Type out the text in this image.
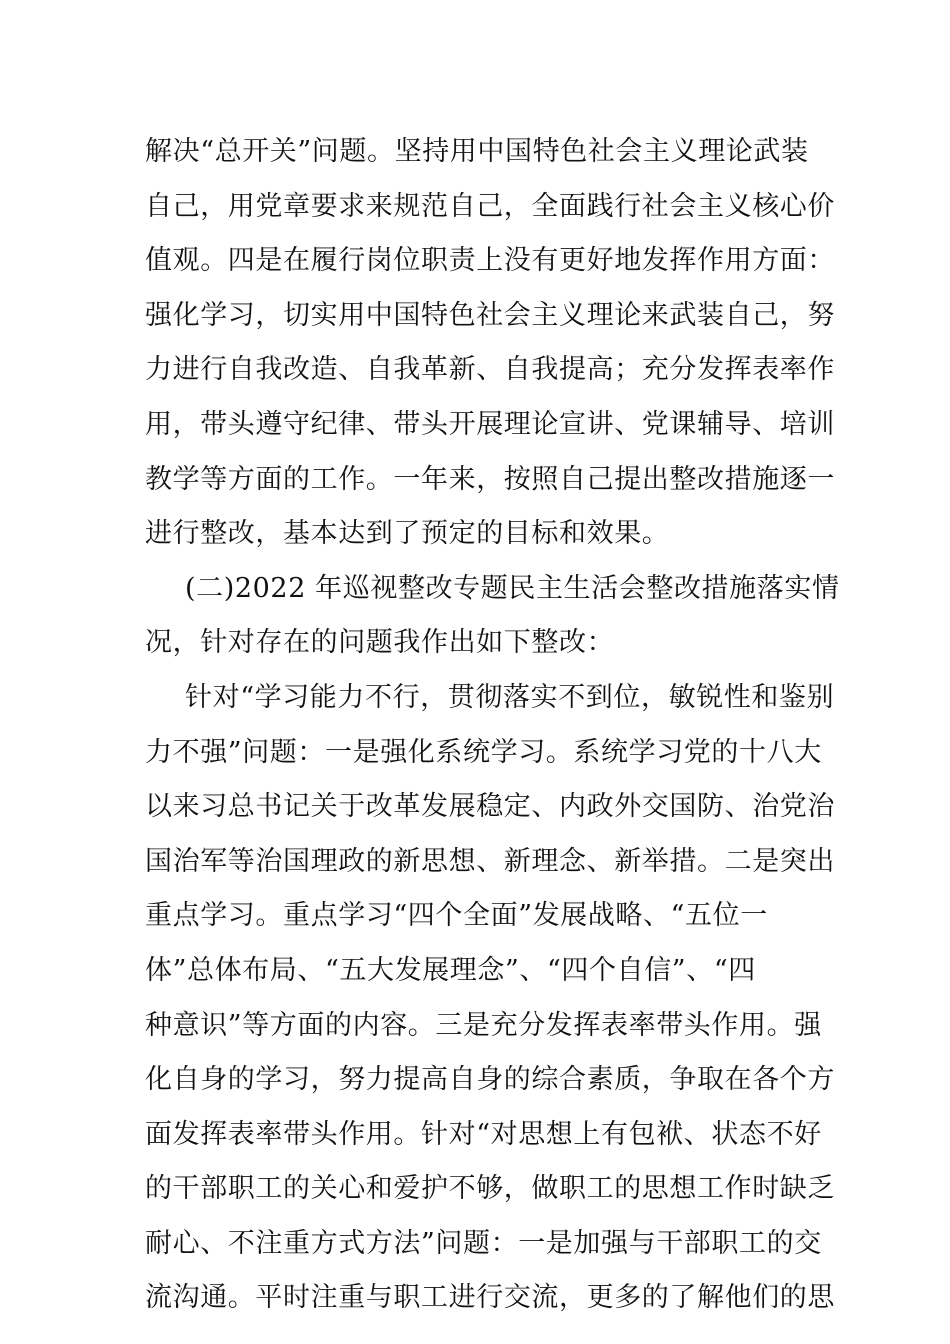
解决“总开关”问题。坚持用中国特色社会主义理论武装
自己，用党章要求来规范自己，全面践行社会主义核心价
值观。四是在履行岗位职责上没有更好地发挥作用方面：
强化学习，切实用中国特色社会主义理论来武装自己，努
力进行自我改造、自我革新、自我提高；充分发挥表率作
用，带头遵守纪律、带头开展理论宣讲、党课辅导、培训
教学等方面的工作。一年来，按照自己提出整改措施逐一
进行整改，基本达到了预定的目标和效果。
(二)2022 年巡视整改专题民主生活会整改措施落实情
况，针对存在的问题我作出如下整改：
针对“学习能力不行，贯彻落实不到位，敏锐性和鉴别
力不强”问题：一是强化系统学习。系统学习党的十八大
以来习总书记关于改革发展稳定、内政外交国防、治党治
国治军等治国理政的新思想、新理念、新举措。二是突出
重点学习。重点学习“四个全面”发展战略、“五位一
体”总体布局、“五大发展理念”、“四个自信”、“四
种意识”等方面的内容。三是充分发挥表率带头作用。强
化自身的学习，努力提高自身的综合素质，争取在各个方
面发挥表率带头作用。针对“对思想上有包袱、状态不好
的干部职工的关心和爱护不够，做职工的思想工作时缺乏
耐心、不注重方式方法”问题：一是加强与干部职工的交
流沟通。平时注重与职工进行交流，更多的了解他们的思
